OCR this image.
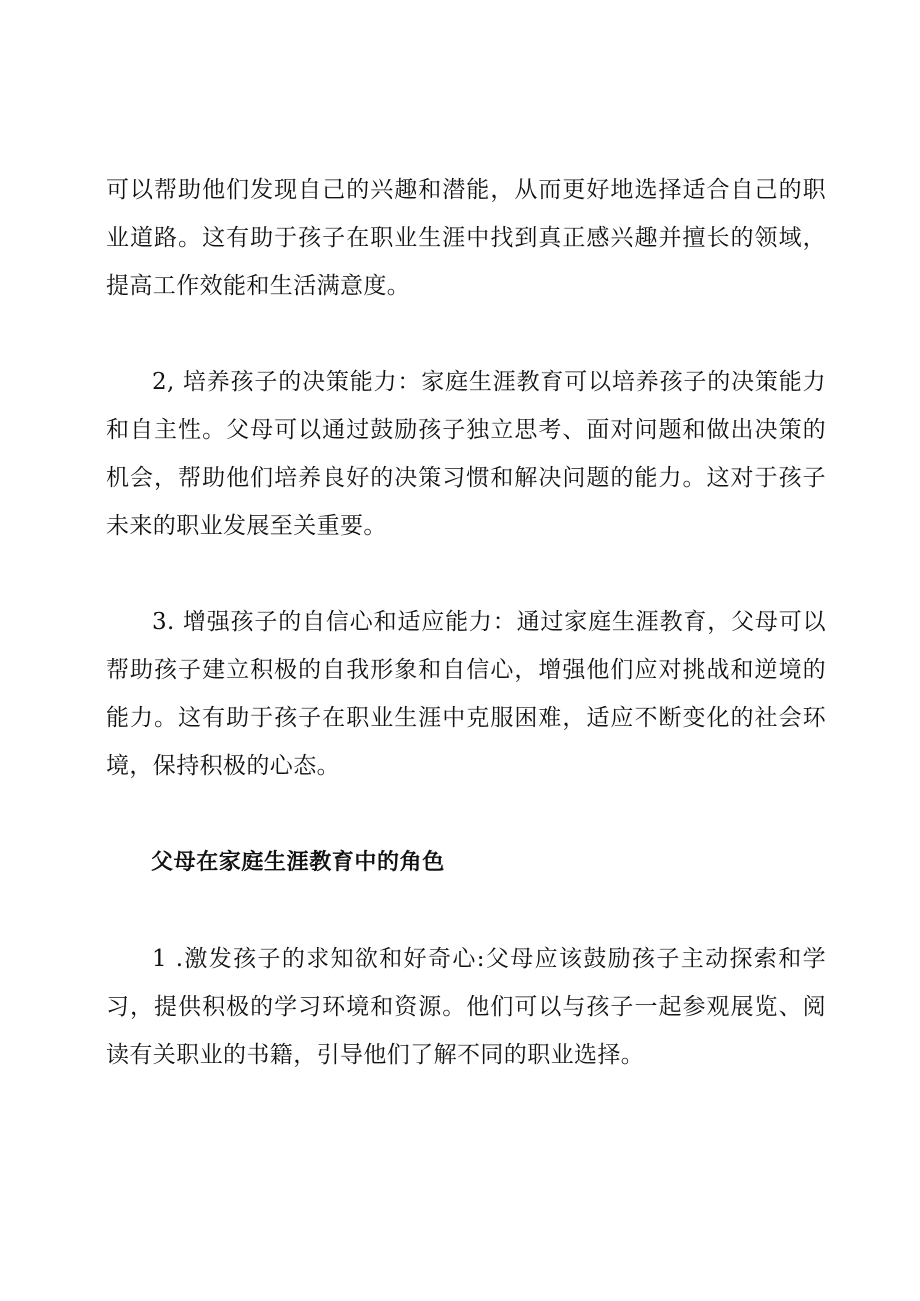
可以帮助他们发现自己的兴趣和潜能，从而更好地选择适合自己的职业道路。这有助于孩子在职业生涯中找到真正感兴趣并擅长的领域，提高工作效能和生活满意度。

2, 培养孩子的决策能力：家庭生涯教育可以培养孩子的决策能力和自主性。父母可以通过鼓励孩子独立思考、面对问题和做出决策的机会，帮助他们培养良好的决策习惯和解决问题的能力。这对于孩子未来的职业发展至关重要。

3. 增强孩子的自信心和适应能力：通过家庭生涯教育，父母可以帮助孩子建立积极的自我形象和自信心，增强他们应对挑战和逆境的能力。这有助于孩子在职业生涯中克服困难，适应不断变化的社会环境，保持积极的心态。

父母在家庭生涯教育中的角色

1 .激发孩子的求知欲和好奇心:父母应该鼓励孩子主动探索和学习，提供积极的学习环境和资源。他们可以与孩子一起参观展览、阅读有关职业的书籍，引导他们了解不同的职业选择。
